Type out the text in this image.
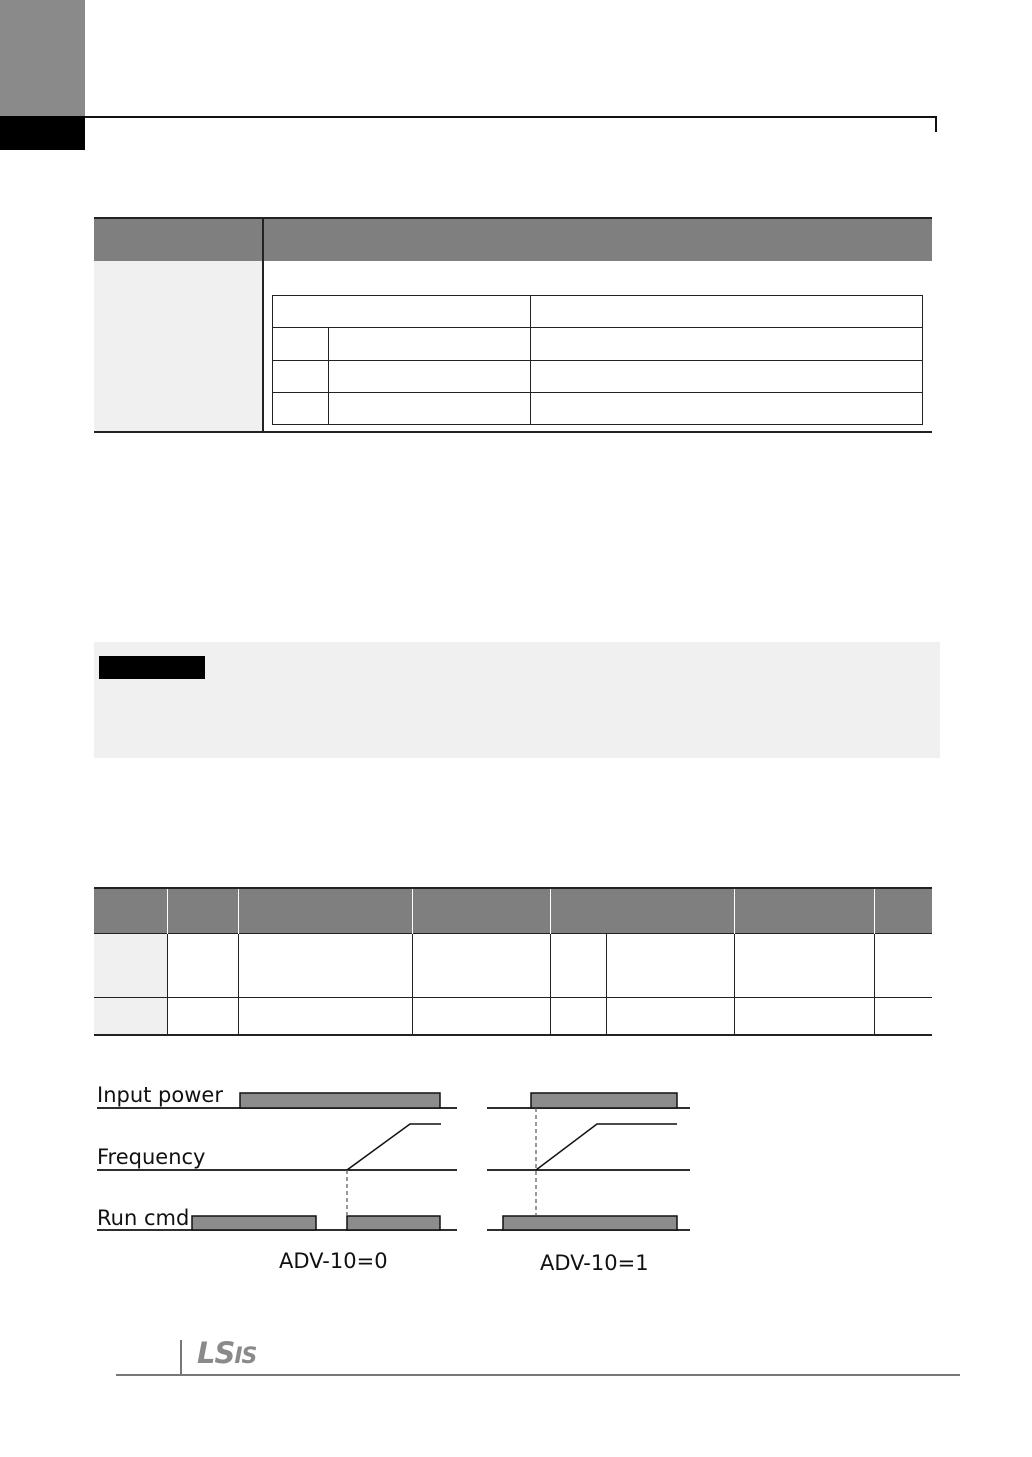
Input power
Frequency
Run cmd
ADV-10=0	ADV-10=1
LSIS
